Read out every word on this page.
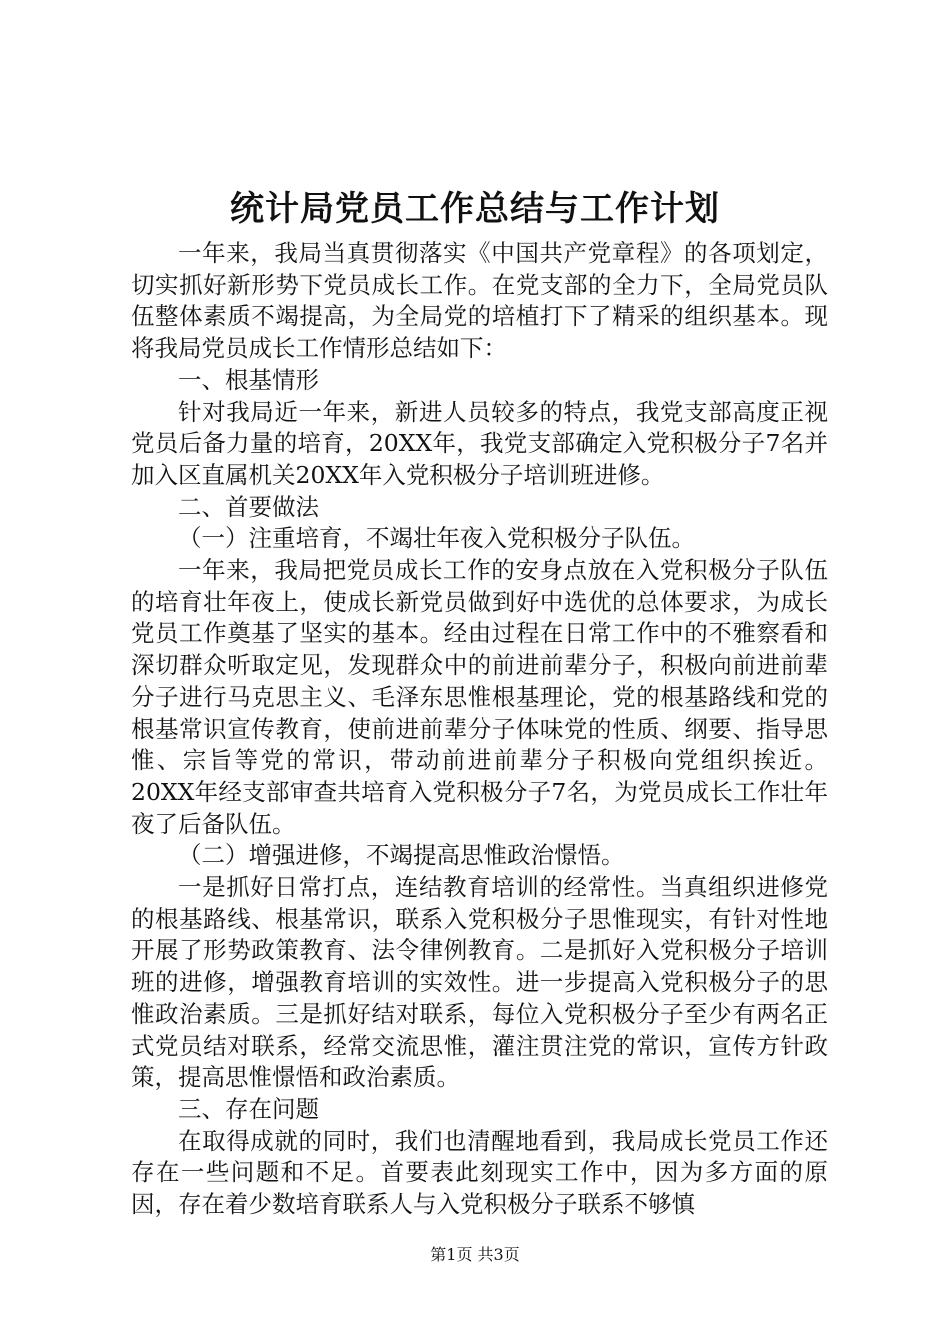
统计局党员工作总结与工作计划

一年来，我局当真贯彻落实《中国共产党章程》的各项划定，切实抓好新形势下党员成长工作。在党支部的全力下，全局党员队伍整体素质不竭提高，为全局党的培植打下了精采的组织基本。现将我局党员成长工作情形总结如下：

一、根基情形

针对我局近一年来，新进人员较多的特点，我党支部高度正视党员后备力量的培育，20XX年，我党支部确定入党积极分子7名并加入区直属机关20XX年入党积极分子培训班进修。

二、首要做法

（一）注重培育，不竭壮年夜入党积极分子队伍。

一年来，我局把党员成长工作的安身点放在入党积极分子队伍的培育壮年夜上，使成长新党员做到好中选优的总体要求，为成长党员工作奠基了坚实的基本。经由过程在日常工作中的不雅察看和深切群众听取定见，发现群众中的前进前辈分子，积极向前进前辈分子进行马克思主义、毛泽东思惟根基理论，党的根基路线和党的根基常识宣传教育，使前进前辈分子体味党的性质、纲要、指导思惟、宗旨等党的常识，带动前进前辈分子积极向党组织挨近。20XX年经支部审查共培育入党积极分子7名，为党员成长工作壮年夜了后备队伍。

（二）增强进修，不竭提高思惟政治憬悟。

一是抓好日常打点，连结教育培训的经常性。当真组织进修党的根基路线、根基常识，联系入党积极分子思惟现实，有针对性地开展了形势政策教育、法令律例教育。二是抓好入党积极分子培训班的进修，增强教育培训的实效性。进一步提高入党积极分子的思惟政治素质。三是抓好结对联系，每位入党积极分子至少有两名正式党员结对联系，经常交流思惟，灌注贯注党的常识，宣传方针政策，提高思惟憬悟和政治素质。

三、存在问题

在取得成就的同时，我们也清醒地看到，我局成长党员工作还存在一些问题和不足。首要表此刻现实工作中，因为多方面的原因，存在着少数培育联系人与入党积极分子联系不够慎

第1页 共3页
